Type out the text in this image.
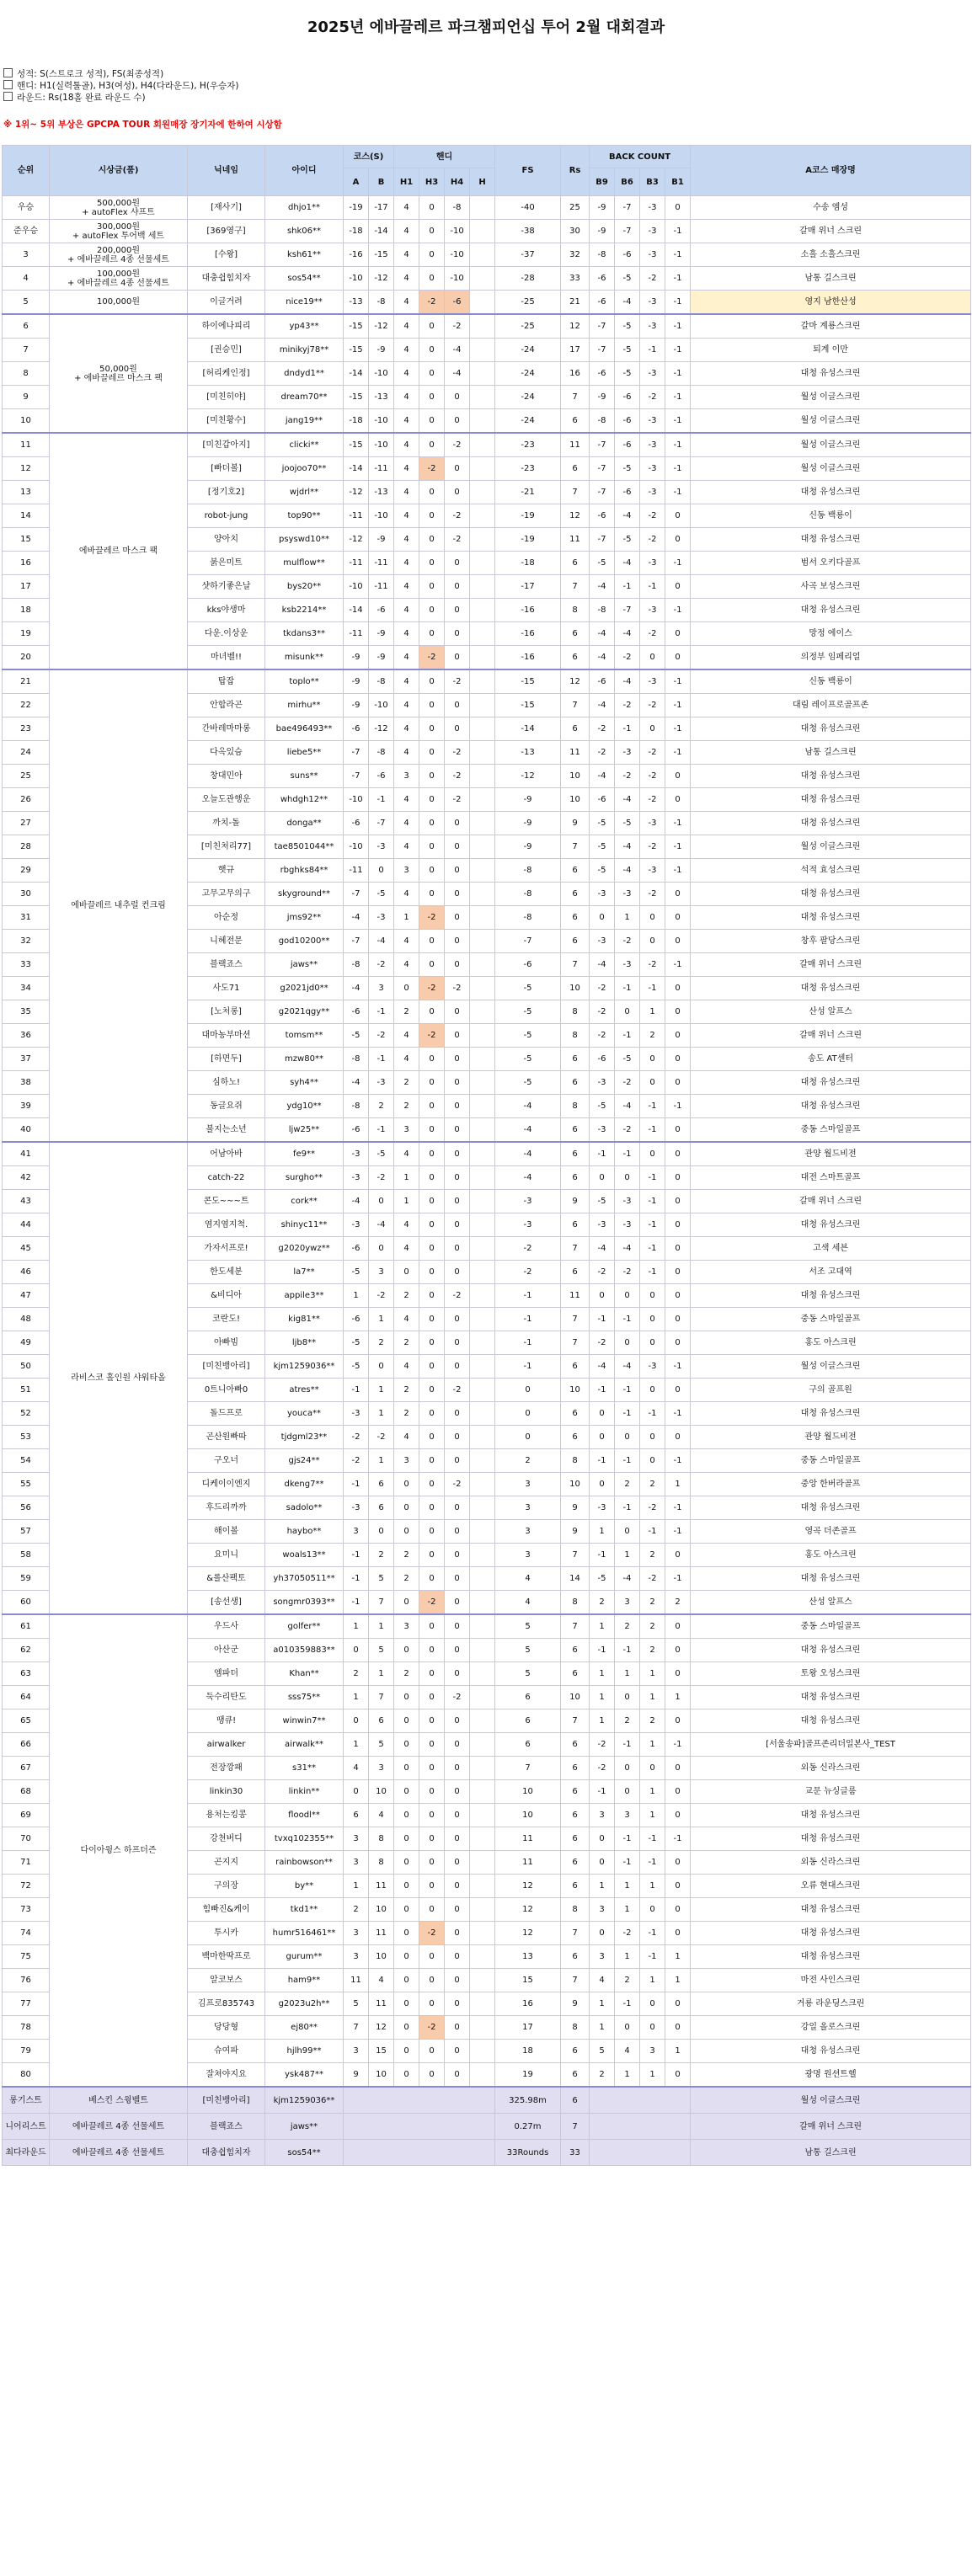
2025년 에바끌레르 파크챔피언십 투어 2월 대회결과
성적: S(스트로크 성적), FS(최종성적)
핸디: H1(실력툴골), H3(여성), H4(다라운드), H(우승자)
라운드: Rs(18홀 완료 라운드 수)
※ 1위~ 5위 부상은 GPCPA TOUR 회원매장 장기자에 한하여 시상함
순위	시상금(품)	닉네임	아이디	코스(S)		핸디				FS	Rs	BACK COUNT				A코스 매장명
				A	B	H1	H3	H4	H			B9	B6	B3	B1	
우승	500,000원
+ autoFlex 샤프트	[재사기]	dhjo1**	-19	-17	4	0	-8		-40	25	-9	-7	-3	0	수송 엠성
준우승	300,000원
+ autoFlex 투어백 세트	[369영구]	shk06**	-18	-14	4	0	-10		-38	30	-9	-7	-3	-1	갈매 위너 스크린
3	200,000원
+ 에바끌레르 4종 선물세트	[수왕]	ksh61**	-16	-15	4	0	-10		-37	32	-8	-6	-3	-1	소흘 소흘스크린
4	100,000원
+ 에바끌레르 4종 선물세트	대충쉽힘치자	sos54**	-10	-12	4	0	-10		-28	33	-6	-5	-2	-1	남통 길스크린
5	100,000원	이글거려	nice19**	-13	-8	4	-2	-6		-25	21	-6	-4	-3	-1	영지 남한산성
6	50,000원
+ 에바끌레르 마스크 팩	하이에나피리	yp43**	-15	-12	4	0	-2		-25	12	-7	-5	-3	-1	갈마 계룡스크린
7		[권승민]	minikyj78**	-15	-9	4	0	-4		-24	17	-7	-5	-1	-1	퇴계 이만
8		[허리케인정]	dndyd1**	-14	-10	4	0	-4		-24	16	-6	-5	-3	-1	대청 유성스크린
9		[미친히야]	dream70**	-15	-13	4	0	0		-24	7	-9	-6	-2	-1	월성 이글스크린
10		[미친황수]	jang19**	-18	-10	4	0	0		-24	6	-8	-6	-3	-1	월성 이글스크린
11	에바끌레르 마스크 팩	[미친갑아지]	clicki**	-15	-10	4	0	-2		-23	11	-7	-6	-3	-1	월성 이글스크린
12		[빠더볼]	joojoo70**	-14	-11	4	-2	0		-23	6	-7	-5	-3	-1	월성 이글스크린
13		[정기호2]	wjdrl**	-12	-13	4	0	0		-21	7	-7	-6	-3	-1	대청 유성스크린
14		robot-jung	top90**	-11	-10	4	0	-2		-19	12	-6	-4	-2	0	신동 백룡이
15		양아치	psyswd10**	-12	-9	4	0	-2		-19	11	-7	-5	-2	0	대청 유성스크린
16		붉은미트	mulflow**	-11	-11	4	0	0		-18	6	-5	-4	-3	-1	범서 오키다골프
17		샷하기좋은날	bys20**	-10	-11	4	0	0		-17	7	-4	-1	-1	0	사곡 보성스크린
18		kks야생마	ksb2214**	-14	-6	4	0	0		-16	8	-8	-7	-3	-1	대청 유성스크린
19		다운.이상운	tkdans3**	-11	-9	4	0	0		-16	6	-4	-4	-2	0	망정 에이스
20		마녀벨!!	misunk**	-9	-9	4	-2	0		-16	6	-4	-2	0	0	의정부 임페리얼
21	에바끌레르 내추럴 컨크림	탑잡	toplo**	-9	-8	4	0	-2		-15	12	-6	-4	-3	-1	신동 백룡이
22		안합라곤	mirhu**	-9	-10	4	0	0		-15	7	-4	-2	-2	-1	대림 레이프로골프존
23		간바레마마롱	bae496493**	-6	-12	4	0	0		-14	6	-2	-1	0	-1	대청 유성스크린
24		다옥있슴	liebe5**	-7	-8	4	0	-2		-13	11	-2	-3	-2	-1	남통 길스크린
25		창대민아	suns**	-7	-6	3	0	-2		-12	10	-4	-2	-2	0	대청 유성스크린
26		오늘도관행운	whdgh12**	-10	-1	4	0	-2		-9	10	-6	-4	-2	0	대청 유성스크린
27		까치-돌	donga**	-6	-7	4	0	0		-9	9	-5	-5	-3	-1	대청 유성스크린
28		[미친처리77]	tae8501044**	-10	-3	4	0	0		-9	7	-5	-4	-2	-1	월성 이글스크린
29		햇규	rbghks84**	-11	0	3	0	0		-8	6	-5	-4	-3	-1	석적 효성스크린
30		고무고무의구	skyground**	-7	-5	4	0	0		-8	6	-3	-3	-2	0	대청 유성스크린
31		아순정	jms92**	-4	-3	1	-2	0		-8	6	0	1	0	0	대청 유성스크린
32		니혜전문	god10200**	-7	-4	4	0	0		-7	6	-3	-2	0	0	창후 팔당스크린
33		블랙죠스	jaws**	-8	-2	4	0	0		-6	7	-4	-3	-2	-1	갈매 위너 스크린
34		사도71	g2021jd0**	-4	3	0	-2	-2		-5	10	-2	-1	-1	0	대청 유성스크린
35		[노처롱]	g2021qgy**	-6	-1	2	0	0		-5	8	-2	0	1	0	산성 알프스
36		대마농부마션	tomsm**	-5	-2	4	-2	0		-5	8	-2	-1	2	0	갈매 위너 스크린
37		[하면두]	mzw80**	-8	-1	4	0	0		-5	6	-6	-5	0	0	송도 AT센터
38		심하노!	syh4**	-4	-3	2	0	0		-5	6	-3	-2	0	0	대청 유성스크린
39		동글요쥐	ydg10**	-8	2	2	0	0		-4	8	-5	-4	-1	-1	대청 유성스크린
40		불지는소년	ljw25**	-6	-1	3	0	0		-4	6	-3	-2	-1	0	중동 스마일골프
41	라비스코 홀인원 샤워타올	어남아바	fe9**	-3	-5	4	0	0		-4	6	-1	-1	0	0	관양 월드비전
42		catch-22	surgho**	-3	-2	1	0	0		-4	6	0	0	-1	0	대전 스마트골프
43		콘도~~~트	cork**	-4	0	1	0	0		-3	9	-5	-3	-1	0	갈매 위너 스크린
44		염지염지척.	shinyc11**	-3	-4	4	0	0		-3	6	-3	-3	-1	0	대청 유성스크린
45		가자서프로!	g2020ywz**	-6	0	4	0	0		-2	7	-4	-4	-1	0	고색 세븐
46		한도세분	la7**	-5	3	0	0	0		-2	6	-2	-2	-1	0	서조 고대역
47		&비디아	appile3**	1	-2	2	0	-2		-1	11	0	0	0	0	대청 유성스크린
48		코란도!	kig81**	-6	1	4	0	0		-1	7	-1	-1	0	0	중동 스마일골프
49		아빠빔	ljb8**	-5	2	2	0	0		-1	7	-2	0	0	0	홍도 아스크린
50		[미친뱅아리]	kjm1259036**	-5	0	4	0	0		-1	6	-4	-4	-3	-1	월성 이글스크린
51		0트니아빠0	atres**	-1	1	2	0	-2		0	10	-1	-1	0	0	구의 골프원
52		돌드프로	youca**	-3	1	2	0	0		0	6	0	-1	-1	-1	대청 유성스크린
53		곤산원빠따	tjdgml23**	-2	-2	4	0	0		0	6	0	0	0	0	관양 월드비전
54		구오너	gjs24**	-2	1	3	0	0		2	8	-1	-1	0	-1	중동 스마일골프
55		디케이이엔지	dkeng7**	-1	6	0	0	-2		3	10	0	2	2	1	중앙 한버라골프
56		후드리까까	sadolo**	-3	6	0	0	0		3	9	-3	-1	-2	-1	대청 유성스크린
57		해이볼	haybo**	3	0	0	0	0		3	9	1	0	-1	-1	영곡 더존골프
58		요미니	woals13**	-1	2	2	0	0		3	7	-1	1	2	0	홍도 아스크린
59		&롤산팩토	yh37050511**	-1	5	2	0	0		4	14	-5	-4	-2	-1	대청 유성스크린
60		[송선생]	songmr0393**	-1	7	0	-2	0		4	8	2	3	2	2	산성 알프스
61	다이아윙스 하프더즌	우드사	golfer**	1	1	3	0	0		5	7	1	2	2	0	중동 스마일골프
62		아산군	a010359883**	0	5	0	0	0		5	6	-1	-1	2	0	대청 유성스크린
63		엠파더	Khan**	2	1	2	0	0		5	6	1	1	1	0	토왕 오성스크린
64		둑수리탄도	sss75**	1	7	0	0	-2		6	10	1	0	1	1	대청 유성스크린
65		땡큐!	winwin7**	0	6	0	0	0		6	7	1	2	2	0	대청 유성스크린
66		airwalker	airwalk**	1	5	0	0	0		6	6	-2	-1	1	-1	[서울송파]골프존리더일본사_TEST
67		전장깡패	s31**	4	3	0	0	0		7	6	-2	0	0	0	외동 신라스크린
68		linkin30	linkin**	0	10	0	0	0		10	6	-1	0	1	0	교문 뉴싱글룸
69		용처는킹콩	floodl**	6	4	0	0	0		10	6	3	3	1	0	대청 유성스크린
70		강천버디	tvxq102355**	3	8	0	0	0		11	6	0	-1	-1	-1	대청 유성스크린
71		곤지지	rainbowson**	3	8	0	0	0		11	6	0	-1	-1	0	외동 신라스크린
72		구의장	by**	1	11	0	0	0		12	6	1	1	1	0	오류 현대스크린
73		힘빠진&케이	tkd1**	2	10	0	0	0		12	8	3	1	0	0	대청 유성스크린
74		투시카	humr516461**	3	11	0	-2	0		12	7	0	-2	-1	0	대청 유성스크린
75		백마한딱프로	gurum**	3	10	0	0	0		13	6	3	1	-1	1	대청 유성스크린
76		알코보스	ham9**	11	4	0	0	0		15	7	4	2	1	1	마전 사인스크린
77		김프로835743	g2023u2h**	5	11	0	0	0		16	9	1	-1	0	0	거룡 라운딩스크린
78		당당형	ej80**	7	12	0	-2	0		17	8	1	0	0	0	강일 올로스크린
79		슈여파	hjlh99**	3	15	0	0	0		18	6	5	4	3	1	대청 유성스크린
80		잘쳐야지요	ysk487**	9	10	0	0	0		19	6	2	1	1	0	광명 원션트헬
롱기스트	베스킨 스윙벨트	[미친뱅아리]	kjm1259036**							325.98m	6					월성 이글스크린
니어리스트	에바끌레르 4종 선물세트	블랙죠스	jaws**							0.27m	7					갈매 위너 스크린
최다라운드	에바끌레르 4종 선물세트	대충쉽힘치자	sos54**							33Rounds	33					남통 길스크린
